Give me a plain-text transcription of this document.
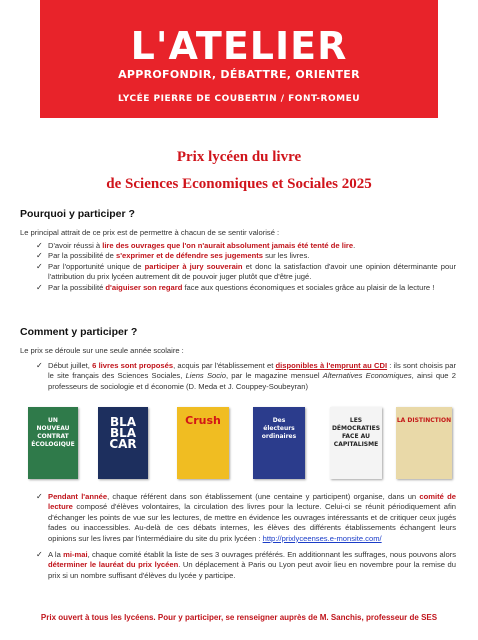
L'ATELIER
APPROFONDIR, DÉBATTRE, ORIENTER
LYCÉE PIERRE DE COUBERTIN / FONT-ROMEU
Prix lycéen du livre
de Sciences Economiques et Sociales 2025
Pourquoi y participer ?
Le principal attrait de ce prix est de permettre à chacun de se sentir valorisé :
✓ D'avoir réussi à lire des ouvrages que l'on n'aurait absolument jamais été tenté de lire.
✓ Par la possibilité de s'exprimer et de défendre ses jugements sur les livres.
✓ Par l'opportunité unique de participer à jury souverain et donc la satisfaction d'avoir une opinion déterminante pour l'attribution du prix lycéen autrement dit de pouvoir juger plutôt que d'être jugé.
✓ Par la possibilité d'aiguiser son regard face aux questions économiques et sociales grâce au plaisir de la lecture !
Comment y participer ?
Le prix se déroule sur une seule année scolaire :
✓ Début juillet, 6 livres sont proposés, acquis par l'établissement et disponibles à l'emprunt au CDI : ils sont choisis par le site français des Sciences Sociales, Liens Socio, par le magazine mensuel Alternatives Economiques, ainsi que 2 professeurs de sociologie et d économie (D. Meda et J. Couppey-Soubeyran)
UN
NOUVEAU
CONTRAT
ÉCOLOGIQUE
BLA
BLA
CAR
Crush	Des
électeurs
ordinaires
LES
DÉMOCRATIES
FACE AU
CAPITALISME
LA DISTINCTION
✓ Pendant l'année, chaque référent dans son établissement (une centaine y participent) organise, dans un comité de lecture composé d'élèves volontaires, la circulation des livres pour la lecture. Celui-ci se réunit périodiquement afin d'échanger les points de vue sur les lectures, de mettre en évidence les ouvrages intéressants et de critiquer ceux jugés fades ou inaccessibles. Au-delà de ces débats internes, les élèves des différents établissements échangent leurs opinions sur les livres par l'intermédiaire du site du prix lycéen : http://prixlyceenses.e-monsite.com/
✓ A la mi-mai, chaque comité établit la liste de ses 3 ouvrages préférés. En additionnant les suffrages, nous pouvons alors déterminer le lauréat du prix lycéen. Un déplacement à Paris ou Lyon peut avoir lieu en novembre pour la remise du prix si un nombre suffisant d'élèves du lycée y participe.
Prix ouvert à tous les lycéens. Pour y participer, se renseigner auprès de M. Sanchis, professeur de SES
